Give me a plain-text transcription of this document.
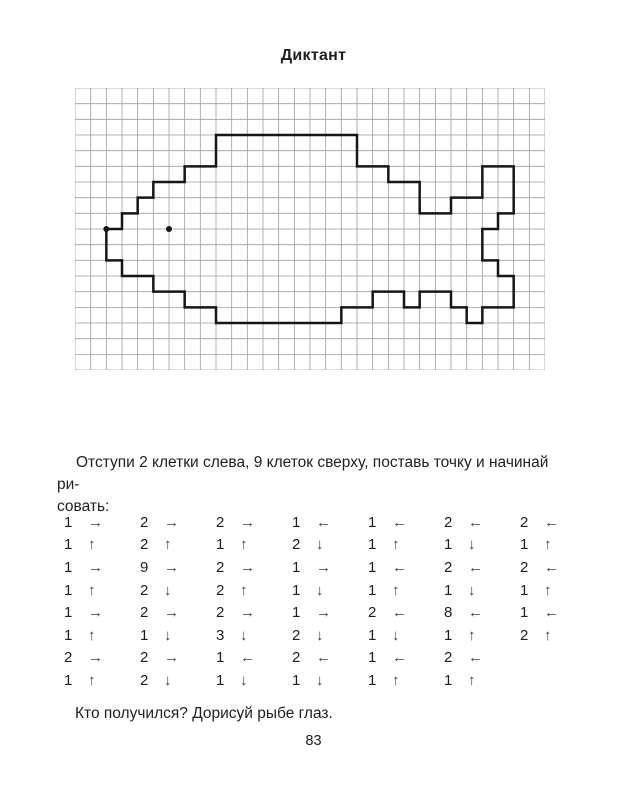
Диктант
Отступи 2 клетки слева, 9 клеток сверху, поставь точку и начинай ри-
совать:
1 → 2 → 2 → 1 ← 1 ← 2 ← 2 ←
1 ↑	2 ↑	1 ↑	2 ↓	1 ↑	1 ↓	1 ↑
1 → 9 → 2 → 1 → 1 ← 2 ← 2 ←
1 ↑	2 ↓	2 ↑	1 ↓	1 ↑	1 ↓	1 ↑
1 → 2 → 2 → 1 → 2 ← 8 ← 1 ←
1 ↑	1 ↓	3 ↓	2 ↓	1 ↓	1 ↑	2 ↑
2 → 2 → 1 ← 2 ← 1 ← 2 ←
1 ↑	2 ↓	1 ↓	1 ↓	1 ↑	1 ↑
Кто получился? Дорисуй рыбе глаз.
83
